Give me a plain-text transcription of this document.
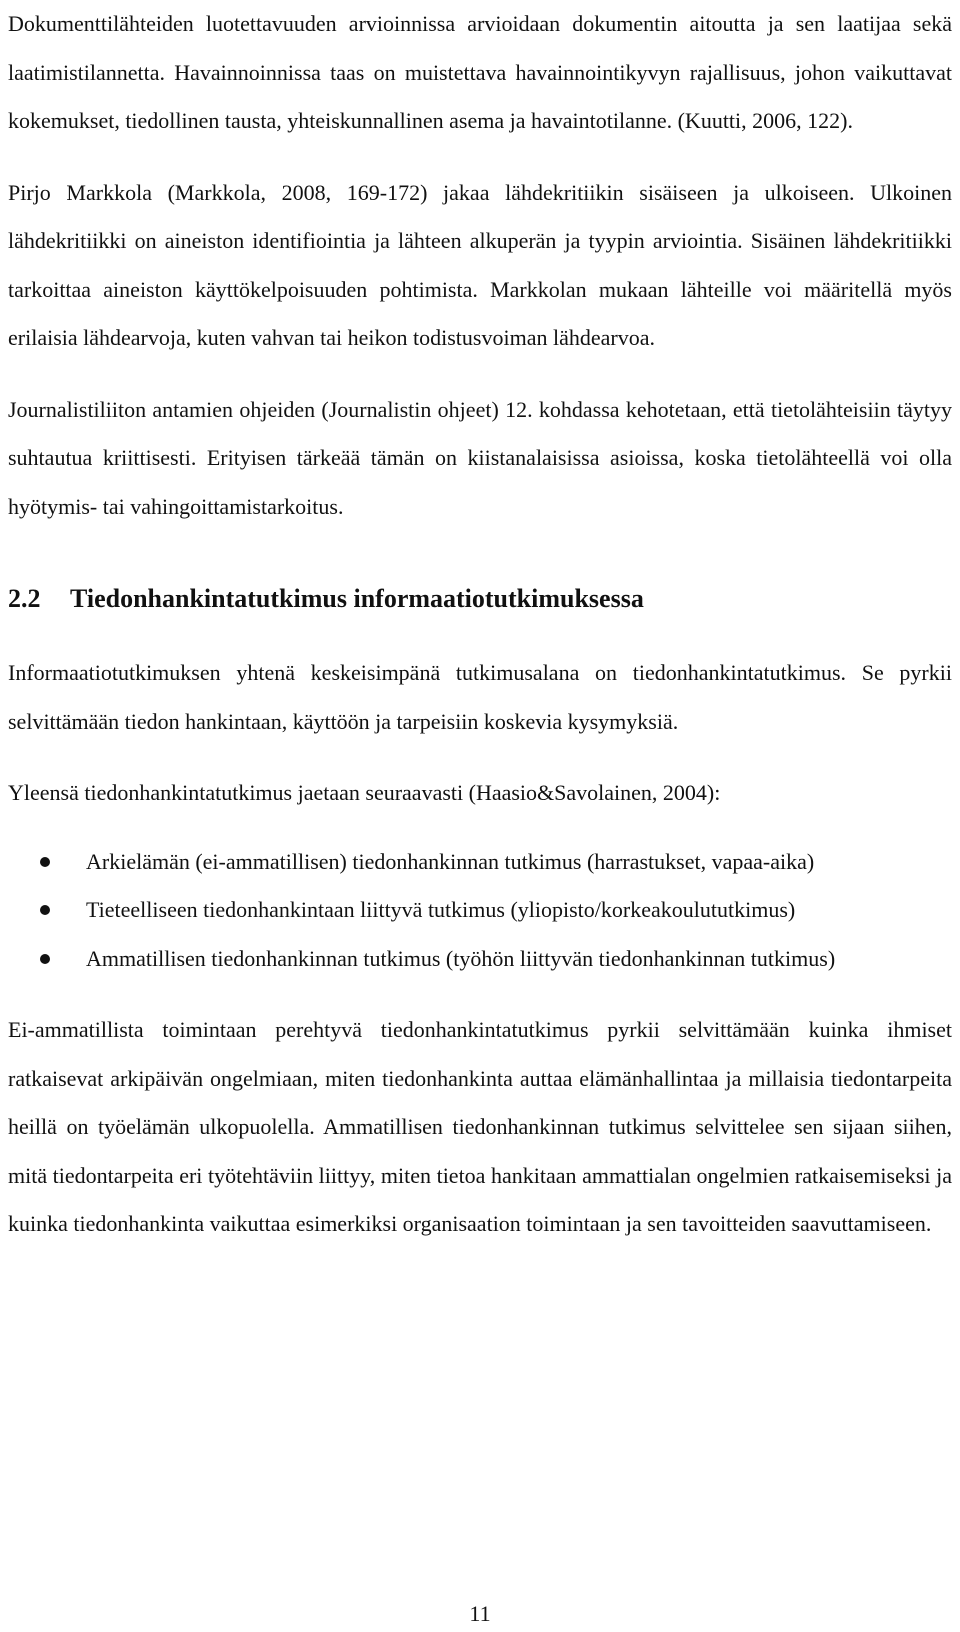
Dokumenttilähteiden luotettavuuden arvioinnissa arvioidaan dokumentin aitoutta ja sen laatijaa sekä laatimistilannetta. Havainnoinnissa taas on muistettava havainnointikyvyn rajallisuus, johon vaikuttavat kokemukset, tiedollinen tausta, yhteiskunnallinen asema ja havaintotilanne. (Kuutti, 2006, 122).

Pirjo Markkola (Markkola, 2008, 169-172) jakaa lähdekritiikin sisäiseen ja ulkoiseen. Ulkoinen lähdekritiikki on aineiston identifiointia ja lähteen alkuperän ja tyypin arviointia. Sisäinen lähdekritiikki tarkoittaa aineiston käyttökelpoisuuden pohtimista. Markkolan mukaan lähteille voi määritellä myös erilaisia lähdearvoja, kuten vahvan tai heikon todistusvoiman lähdearvoa.

Journalistiliiton antamien ohjeiden (Journalistin ohjeet) 12. kohdassa kehotetaan, että tietolähteisiin täytyy suhtautua kriittisesti. Erityisen tärkeää tämän on kiistanalaisissa asioissa, koska tietolähteellä voi olla hyötymis- tai vahingoittamistarkoitus.

2.2 Tiedonhankintatutkimus informaatiotutkimuksessa

Informaatiotutkimuksen yhtenä keskeisimpänä tutkimusalana on tiedonhankintatutkimus. Se pyrkii selvittämään tiedon hankintaan, käyttöön ja tarpeisiin koskevia kysymyksiä.

Yleensä tiedonhankintatutkimus jaetaan seuraavasti (Haasio&Savolainen, 2004):

Arkielämän (ei-ammatillisen) tiedonhankinnan tutkimus (harrastukset, vapaa-aika)
Tieteelliseen tiedonhankintaan liittyvä tutkimus (yliopisto/korkeakoulututkimus)
Ammatillisen tiedonhankinnan tutkimus (työhön liittyvän tiedonhankinnan tutkimus)

Ei-ammatillista toimintaan perehtyvä tiedonhankintatutkimus pyrkii selvittämään kuinka ihmiset ratkaisevat arkipäivän ongelmiaan, miten tiedonhankinta auttaa elämänhallintaa ja millaisia tiedontarpeita heillä on työelämän ulkopuolella. Ammatillisen tiedonhankinnan tutkimus selvittelee sen sijaan siihen, mitä tiedontarpeita eri työtehtäviin liittyy, miten tietoa hankitaan ammattialan ongelmien ratkaisemiseksi ja kuinka tiedonhankinta vaikuttaa esimerkiksi organisaation toimintaan ja sen tavoitteiden saavuttamiseen.

11
